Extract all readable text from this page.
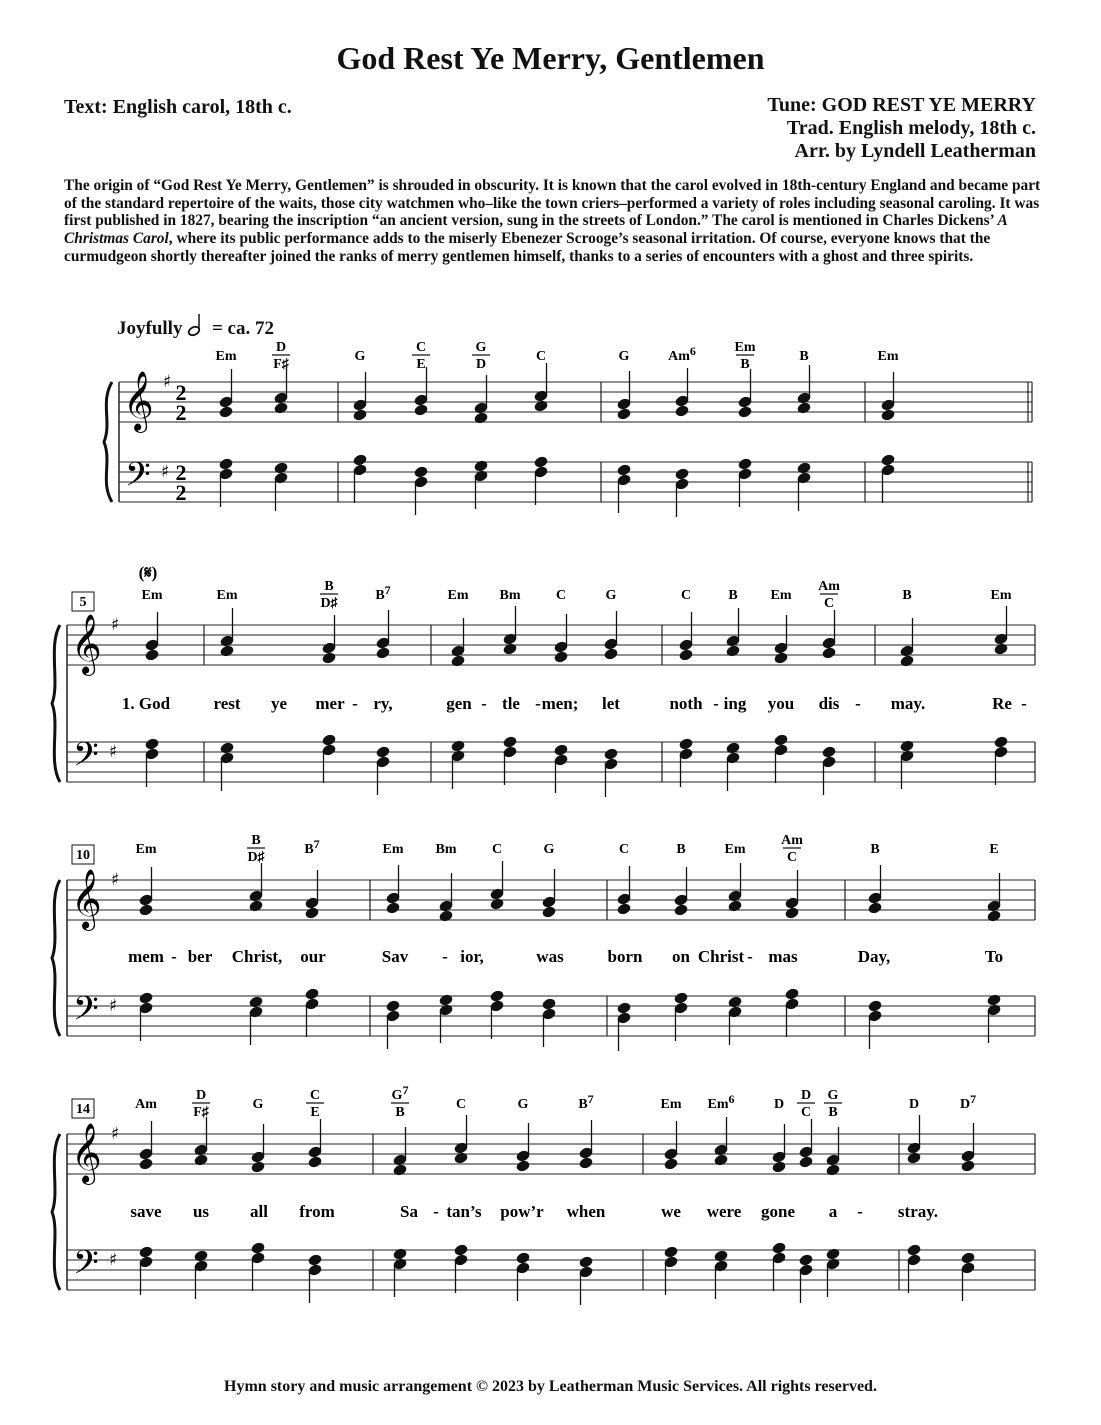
God Rest Ye Merry, Gentlemen
Text: English carol, 18th c.	Tune: GOD REST YE MERRY
Trad. English melody, 18th c.
Arr. by Lyndell Leatherman
The origin of “God Rest Ye Merry, Gentlemen” is shrouded in obscurity. It is known that the carol evolved in 18th-century England and became part of the standard repertoire of the waits, those city watchmen who–like the town criers–performed a variety of roles including seasonal caroling. It was first published in 1827, bearing the inscription “an ancient version, sung in the streets of London.” The carol is mentioned in Charles Dickens’ A Christmas Carol, where its public performance adds to the miserly Ebenezer Scrooge’s seasonal irritation. Of course, everyone knows that the curmudgeon shortly thereafter joined the ranks of merry gentlemen himself, thanks to a series of encounters with a ghost and three spirits.
Joyfully = ca. 72
Hymn story and music arrangement © 2023 by Leatherman Music Services. All rights reserved.
𝄞
𝄢
♯
♯
2
2
2
2
Em
D
F♯
G
C
E
G
D
C	G	Am6	Em
B
B	Em
𝄞
𝄢
♯
♯
5	Em	Em
B
D♯
B7	Em Bm	C	G	C	B Em
Am
C
B	Em
1. God	rest ye mer - ry,	gen - tle - men; let	noth - ing you dis - may.	Re -
𝄞
𝄢
♯
♯
10	Em
B
D♯
B7	Em Bm	C	G	C	B	Em
Am
C
B	E
mem - ber Christ, our	Sav - ior,	was	born on Christ - mas	Day,	To
𝄞
𝄢
♯
♯
14	Am
D
F♯
G
C
E
G7
B
C	G	B7	Em Em6	D
D
C
G
B
D	D7
save us all from	Sa - tan’s pow’r when	we were gone a - stray.
(𝄋)
